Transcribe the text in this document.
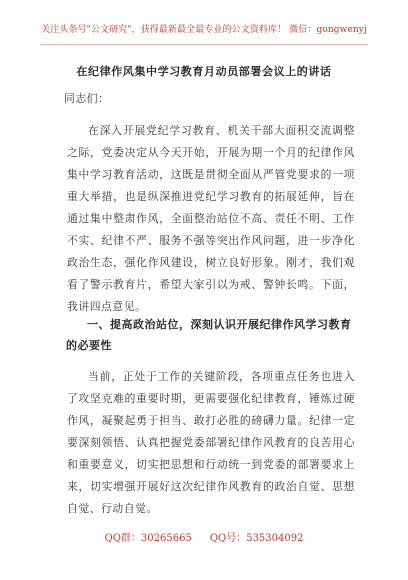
关注头条号"公文研究"，获得最新最全最专业的公文资料库！ 微信：gongwenyj
在纪律作风集中学习教育月动员部署会议上的讲话
同志们：
在深入开展党纪学习教育、机关干部大面积交流调整之际，党委决定从今天开始，开展为期一个月的纪律作风集中学习教育活动，这既是贯彻全面从严管党要求的一项重大举措，也是纵深推进党纪学习教育的拓展延伸，旨在通过集中整肃作风，全面整治站位不高、责任不明、工作不实、纪律不严、服务不强等突出作风问题，进一步净化政治生态，强化作风建设，树立良好形象。刚才，我们观看了警示教育片，希望大家引以为戒、警钟长鸣。下面，我讲四点意见。
一、提高政治站位，深刻认识开展纪律作风学习教育的必要性
当前，正处于工作的关键阶段，各项重点任务也进入了攻坚克难的重要时期，更需要强化纪律教育，锤炼过硬作风，凝聚起勇于担当、敢打必胜的磅礴力量。纪律一定要深刻领悟、认真把握党委部署纪律作风教育的良苦用心和重要意义，切实把思想和行动统一到党委的部署要求上来，切实增强开展好这次纪律作风教育的政治自觉、思想自觉、行动自觉。
QQ群：30265665 QQ号：535304092
